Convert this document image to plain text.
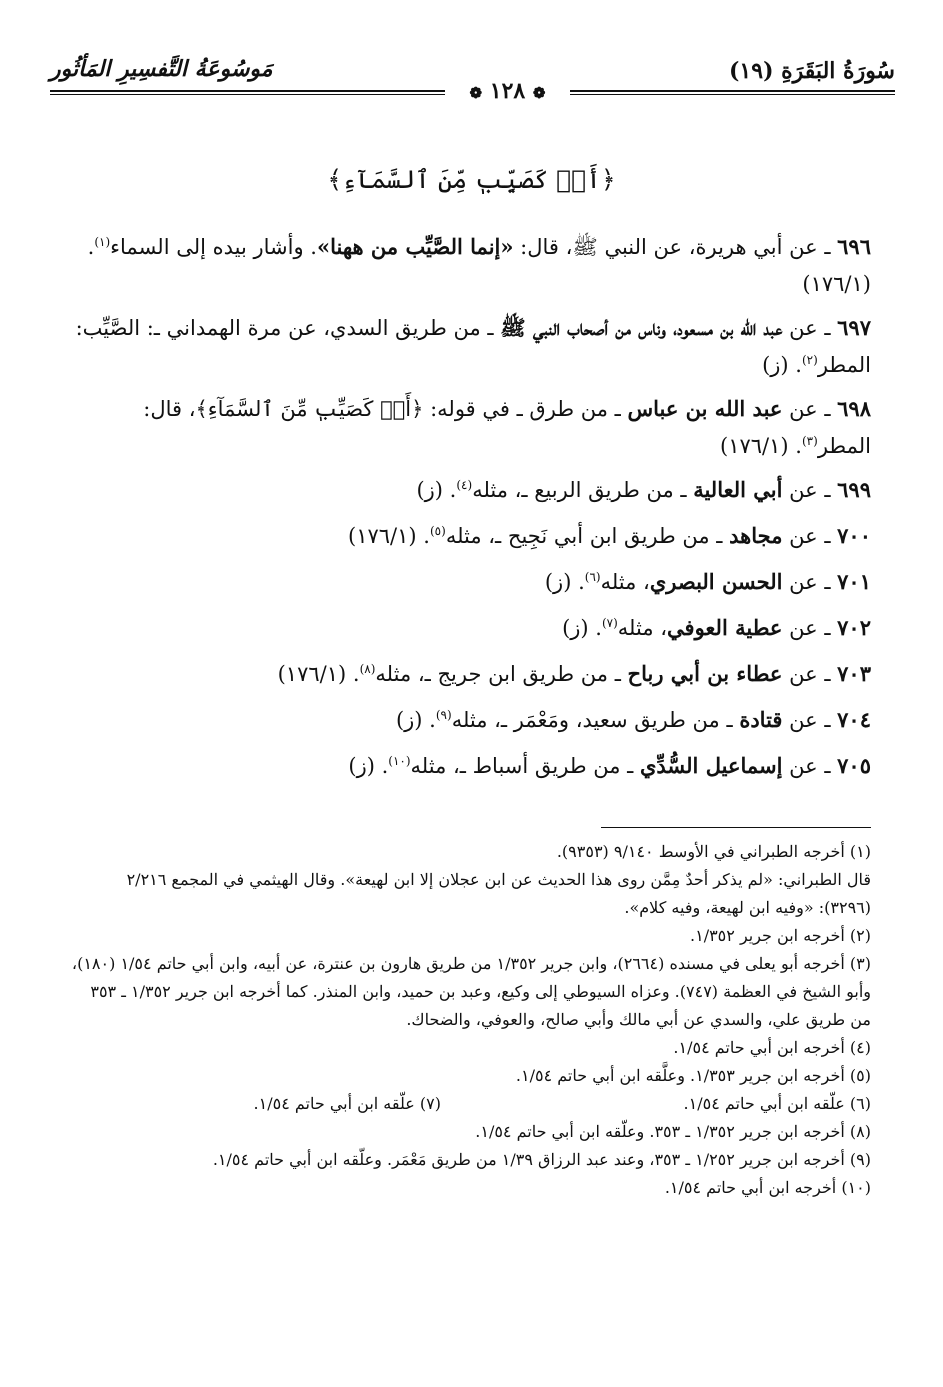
سُورَةُ البَقَرَةِ (١٩)
مَوسُوعَةُ التَّفسِيرِ المَأثُور
❁ ١٢٨ ❁
﴿أَوۡ كَصَيِّبٖ مِّنَ ٱلسَّمَآءِ﴾

٦٩٦ ـ عن أبي هريرة، عن النبي ﷺ، قال: «إنما الصَّيِّب من ههنا». وأشار بيده إلى السماء$^{(١)}$. (١٧٦/١)

٦٩٧ ـ عن عبد الله بن مسعود، وناس من أصحاب النبي ﷺ ـ من طريق السدي، عن مرة الهمداني ـ: الصَّيِّب: المطر$^{(٢)}$. (ز)

٦٩٨ ـ عن عبد الله بن عباس ـ من طرق ـ في قوله: ﴿أَوۡ كَصَيِّبٖ مِّنَ ٱلسَّمَآءِ﴾، قال: المطر$^{(٣)}$. (١٧٦/١)

٦٩٩ ـ عن أبي العالية ـ من طريق الربيع ـ، مثله$^{(٤)}$. (ز)

٧٠٠ ـ عن مجاهد ـ من طريق ابن أبي نَجِيح ـ، مثله$^{(٥)}$. (١٧٦/١)

٧٠١ ـ عن الحسن البصري، مثله$^{(٦)}$. (ز)

٧٠٢ ـ عن عطية العوفي، مثله$^{(٧)}$. (ز)

٧٠٣ ـ عن عطاء بن أبي رباح ـ من طريق ابن جريج ـ، مثله$^{(٨)}$. (١٧٦/١)

٧٠٤ ـ عن قتادة ـ من طريق سعيد، ومَعْمَر ـ، مثله$^{(٩)}$. (ز)

٧٠٥ ـ عن إسماعيل السُّدِّي ـ من طريق أسباط ـ، مثله$^{(١٠)}$. (ز)

(١) أخرجه الطبراني في الأوسط ٩/١٤٠ (٩٣٥٣).

قال الطبراني: «لم يذكر أحدٌ مِمَّن روى هذا الحديث عن ابن عجلان إلا ابن لهيعة». وقال الهيثمي في المجمع ٢/٢١٦ (٣٢٩٦): «وفيه ابن لهيعة، وفيه كلام».

(٢) أخرجه ابن جرير ١/٣٥٢.

(٣) أخرجه أبو يعلى في مسنده (٢٦٦٤)، وابن جرير ١/٣٥٢ من طريق هارون بن عنترة، عن أبيه، وابن أبي حاتم ١/٥٤ (١٨٠)، وأبو الشيخ في العظمة (٧٤٧). وعزاه السيوطي إلى وكيع، وعبد بن حميد، وابن المنذر. كما أخرجه ابن جرير ١/٣٥٢ ـ ٣٥٣ من طريق علي، والسدي عن أبي مالك وأبي صالح، والعوفي، والضحاك.

(٤) أخرجه ابن أبي حاتم ١/٥٤.

(٥) أخرجه ابن جرير ١/٣٥٣. وعلَّقه ابن أبي حاتم ١/٥٤.

(٦) علّقه ابن أبي حاتم ١/٥٤.
(٧) علّقه ابن أبي حاتم ١/٥٤.

(٨) أخرجه ابن جرير ١/٣٥٢ ـ ٣٥٣. وعلّقه ابن أبي حاتم ١/٥٤.

(٩) أخرجه ابن جرير ١/٢٥٢ ـ ٣٥٣، وعند عبد الرزاق ١/٣٩ من طريق مَعْمَر. وعلّقه ابن أبي حاتم ١/٥٤.

(١٠) أخرجه ابن أبي حاتم ١/٥٤.
